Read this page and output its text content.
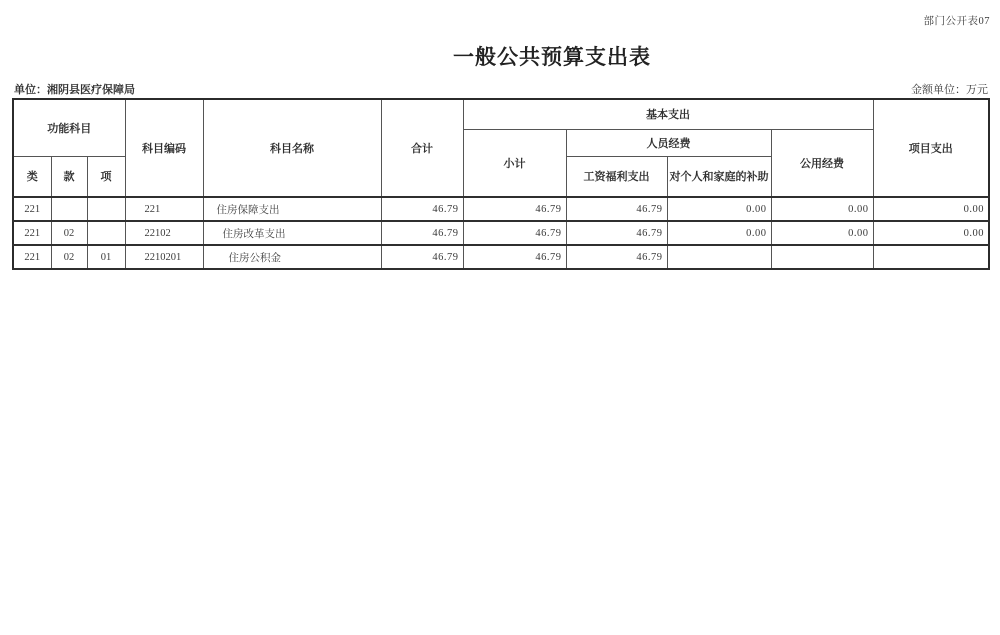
部门公开表07
一般公共预算支出表
单位：湘阴县医疗保障局	金额单位：万元
功能科目			科目编码	科目名称	合计	基本支出				项目支出
						小计	人员经费		公用经费	
类	款	项					工资福利支出	对个人和家庭的补助		
221			221	住房保障支出	46.79	46.79	46.79	0.00	0.00	0.00
221	02		22102	住房改革支出	46.79	46.79	46.79	0.00	0.00	0.00
221	02	01	2210201	住房公积金	46.79	46.79	46.79			
